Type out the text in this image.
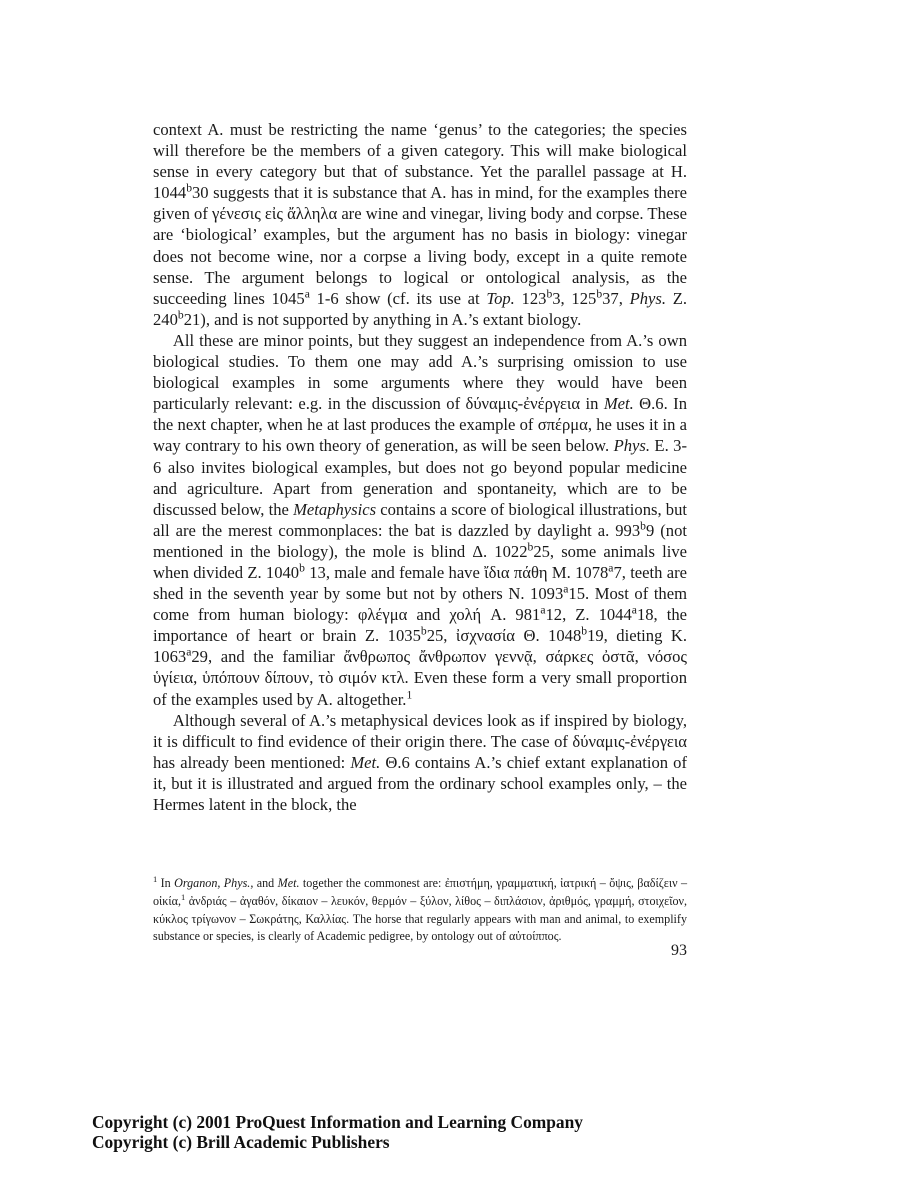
context A. must be restricting the name ‘genus’ to the categories; the species will therefore be the members of a given category. This will make biological sense in every category but that of substance. Yet the parallel passage at H. 1044$^b$30 suggests that it is substance that A. has in mind, for the examples there given of γένεσις εἰς ἄλληλα are wine and vinegar, living body and corpse. These are ‘biological’ examples, but the argument has no basis in biology: vinegar does not become wine, nor a corpse a living body, except in a quite remote sense. The argument belongs to logical or ontological analysis, as the succeeding lines 1045$^a$ 1-6 show (cf. its use at Top. 123$^b$3, 125$^b$37, Phys. Z. 240$^b$21), and is not supported by anything in A.’s extant biology.

All these are minor points, but they suggest an independence from A.’s own biological studies. To them one may add A.’s surprising omission to use biological examples in some arguments where they would have been particularly relevant: e.g. in the discussion of δύναμις-ἐνέργεια in Met. Θ.6. In the next chapter, when he at last produces the example of σπέρμα, he uses it in a way contrary to his own theory of generation, as will be seen below. Phys. E. 3-6 also invites biological examples, but does not go beyond popular medicine and agriculture. Apart from generation and spontaneity, which are to be discussed below, the Metaphysics contains a score of biological illustrations, but all are the merest commonplaces: the bat is dazzled by daylight a. 993$^b$9 (not mentioned in the biology), the mole is blind Δ. 1022$^b$25, some animals live when divided Z. 1040$^b$ 13, male and female have ἴδια πάθη M. 1078$^a$7, teeth are shed in the seventh year by some but not by others N. 1093$^a$15. Most of them come from human biology: φλέγμα and χολή A. 981$^a$12, Z. 1044$^a$18, the importance of heart or brain Z. 1035$^b$25, ἰσχνασία Θ. 1048$^b$19, dieting K. 1063$^a$29, and the familiar ἄνθρωπος ἄνθρωπον γεννᾷ, σάρκες ὀστᾶ, νόσος ὑγίεια, ὑπόπουν δίπουν, τὸ σιμόν κτλ. Even these form a very small proportion of the examples used by A. altogether.$^1$

Although several of A.’s metaphysical devices look as if inspired by biology, it is difficult to find evidence of their origin there. The case of δύναμις-ἐνέργεια has already been mentioned: Met. Θ.6 contains A.’s chief extant explanation of it, but it is illustrated and argued from the ordinary school examples only, – the Hermes latent in the block, the

$^1$ In Organon, Phys., and Met. together the commonest are: ἐπιστήμη, γραμματική, ἰατρική – ὄψις, βαδίζειν – οἰκία,$^1$ ἀνδριάς – ἀγαθόν, δίκαιον – λευκόν, θερμόν – ξύλον, λίθος – διπλάσιον, ἀριθμός, γραμμή, στοιχεῖον, κύκλος τρίγωνον – Σωκράτης, Καλλίας. The horse that regularly appears with man and animal, to exemplify substance or species, is clearly of Academic pedigree, by ontology out of αὐτοίππος.

93
Copyright (c) 2001 ProQuest Information and Learning Company
Copyright (c) Brill Academic Publishers
